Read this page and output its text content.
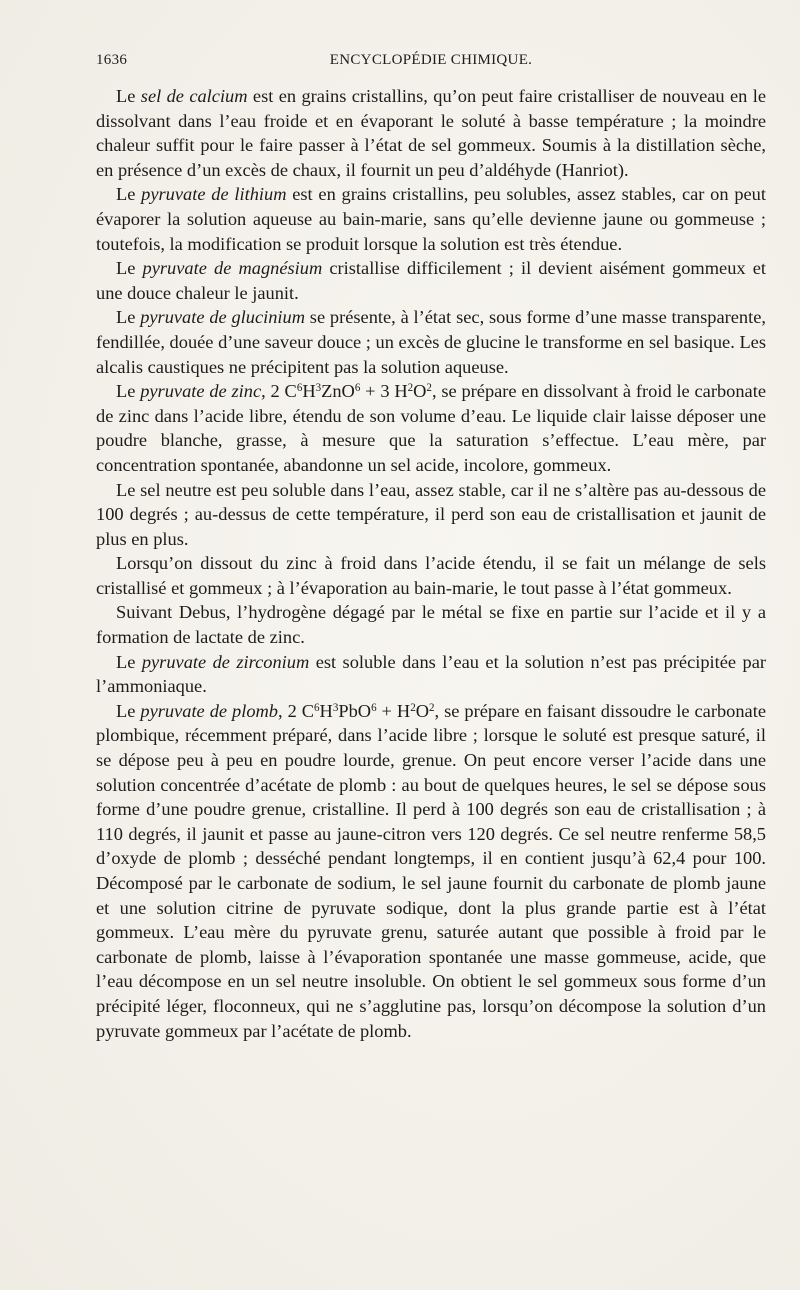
1636	ENCYCLOPÉDIE CHIMIQUE.

Le sel de calcium est en grains cristallins, qu’on peut faire cristalliser de nouveau en le dissolvant dans l’eau froide et en évaporant le soluté à basse température ; la moindre chaleur suffit pour le faire passer à l’état de sel gommeux. Soumis à la distillation sèche, en présence d’un excès de chaux, il fournit un peu d’aldéhyde (Hanriot).

Le pyruvate de lithium est en grains cristallins, peu solubles, assez stables, car on peut évaporer la solution aqueuse au bain-marie, sans qu’elle devienne jaune ou gommeuse ; toutefois, la modification se produit lorsque la solution est très étendue.

Le pyruvate de magnésium cristallise difficilement ; il devient aisément gommeux et une douce chaleur le jaunit.

Le pyruvate de glucinium se présente, à l’état sec, sous forme d’une masse transparente, fendillée, douée d’une saveur douce ; un excès de glucine le transforme en sel basique. Les alcalis caustiques ne précipitent pas la solution aqueuse.

Le pyruvate de zinc, 2 $C^6H^3ZnO^6 + 3$ $H^2O^2$, se prépare en dissolvant à froid le carbonate de zinc dans l’acide libre, étendu de son volume d’eau. Le liquide clair laisse déposer une poudre blanche, grasse, à mesure que la saturation s’effectue. L’eau mère, par concentration spontanée, abandonne un sel acide, incolore, gommeux.

Le sel neutre est peu soluble dans l’eau, assez stable, car il ne s’altère pas au-dessous de 100 degrés ; au-dessus de cette température, il perd son eau de cristallisation et jaunit de plus en plus.

Lorsqu’on dissout du zinc à froid dans l’acide étendu, il se fait un mélange de sels cristallisé et gommeux ; à l’évaporation au bain-marie, le tout passe à l’état gommeux.

Suivant Debus, l’hydrogène dégagé par le métal se fixe en partie sur l’acide et il y a formation de lactate de zinc.

Le pyruvate de zirconium est soluble dans l’eau et la solution n’est pas précipitée par l’ammoniaque.

Le pyruvate de plomb, 2 $C^6H^3PbO^6 + H^2O^2$, se prépare en faisant dissoudre le carbonate plombique, récemment préparé, dans l’acide libre ; lorsque le soluté est presque saturé, il se dépose peu à peu en poudre lourde, grenue. On peut encore verser l’acide dans une solution concentrée d’acétate de plomb : au bout de quelques heures, le sel se dépose sous forme d’une poudre grenue, cristalline. Il perd à 100 degrés son eau de cristallisation ; à 110 degrés, il jaunit et passe au jaune-citron vers 120 degrés. Ce sel neutre renferme 58,5 d’oxyde de plomb ; desséché pendant longtemps, il en contient jusqu’à 62,4 pour 100. Décomposé par le carbonate de sodium, le sel jaune fournit du carbonate de plomb jaune et une solution citrine de pyruvate sodique, dont la plus grande partie est à l’état gommeux. L’eau mère du pyruvate grenu, saturée autant que possible à froid par le carbonate de plomb, laisse à l’évaporation spontanée une masse gommeuse, acide, que l’eau décompose en un sel neutre insoluble. On obtient le sel gommeux sous forme d’un précipité léger, floconneux, qui ne s’agglutine pas, lorsqu’on décompose la solution d’un pyruvate gommeux par l’acétate de plomb.
